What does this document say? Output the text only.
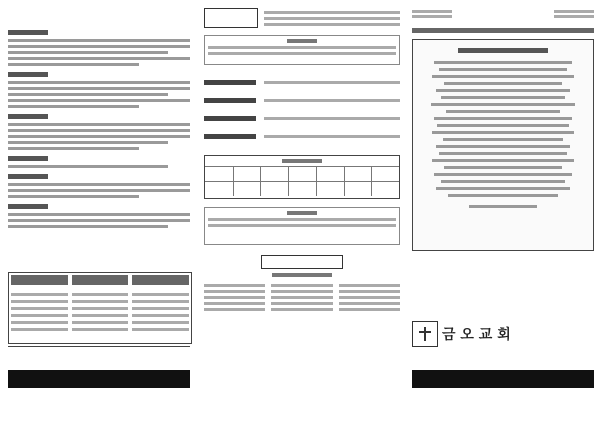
금 오 교 회
